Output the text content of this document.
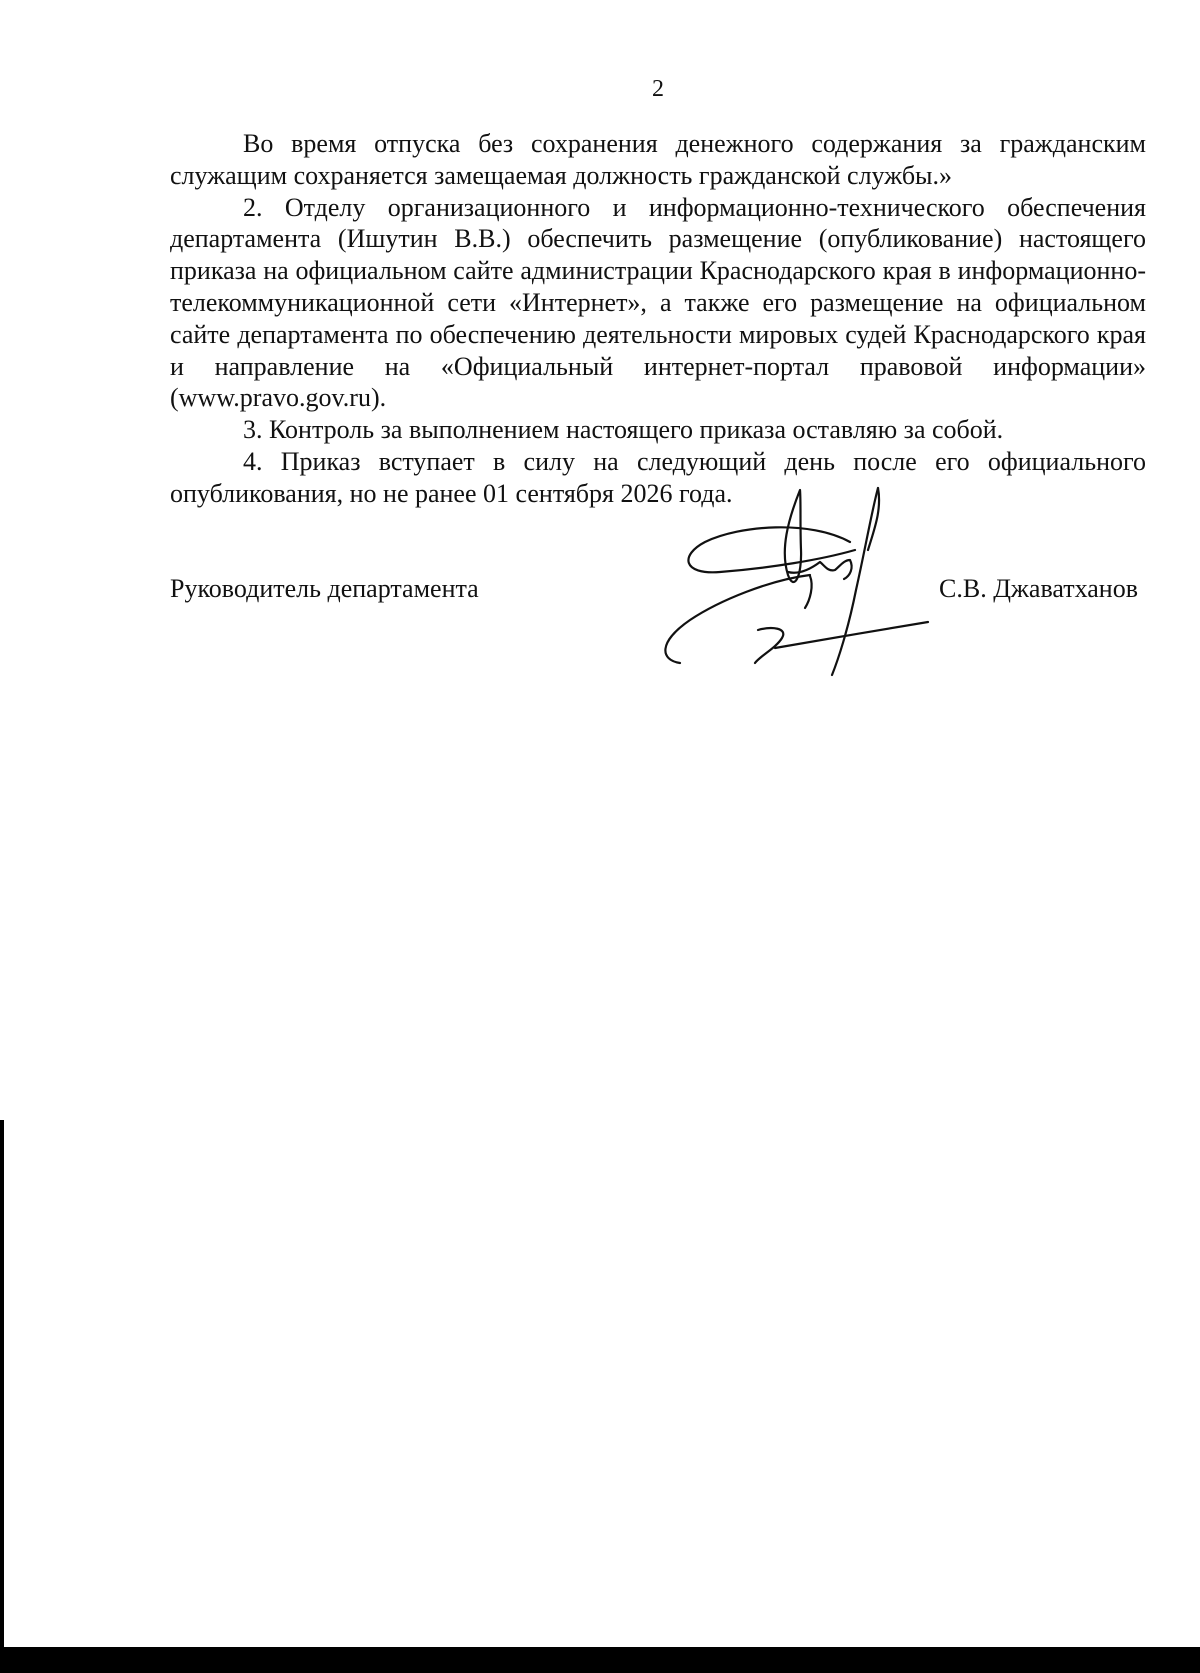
2

Во время отпуска без сохранения денежного содержания за гражданским служащим сохраняется замещаемая должность гражданской службы.»

2. Отделу организационного и информационно-технического обеспечения департамента (Ишутин В.В.) обеспечить размещение (опубликование) настоящего приказа на официальном сайте администрации Краснодарского края в информационно-телекоммуникационной сети «Интернет», а также его размещение на официальном сайте департамента по обеспечению деятельности мировых судей Краснодарского края и направление на «Официальный интернет-портал правовой информации» (www.pravo.gov.ru).

3. Контроль за выполнением настоящего приказа оставляю за собой.

4. Приказ вступает в силу на следующий день после его официального опубликования, но не ранее 01 сентября 2026 года.

Руководитель департамента	С.В. Джаватханов
